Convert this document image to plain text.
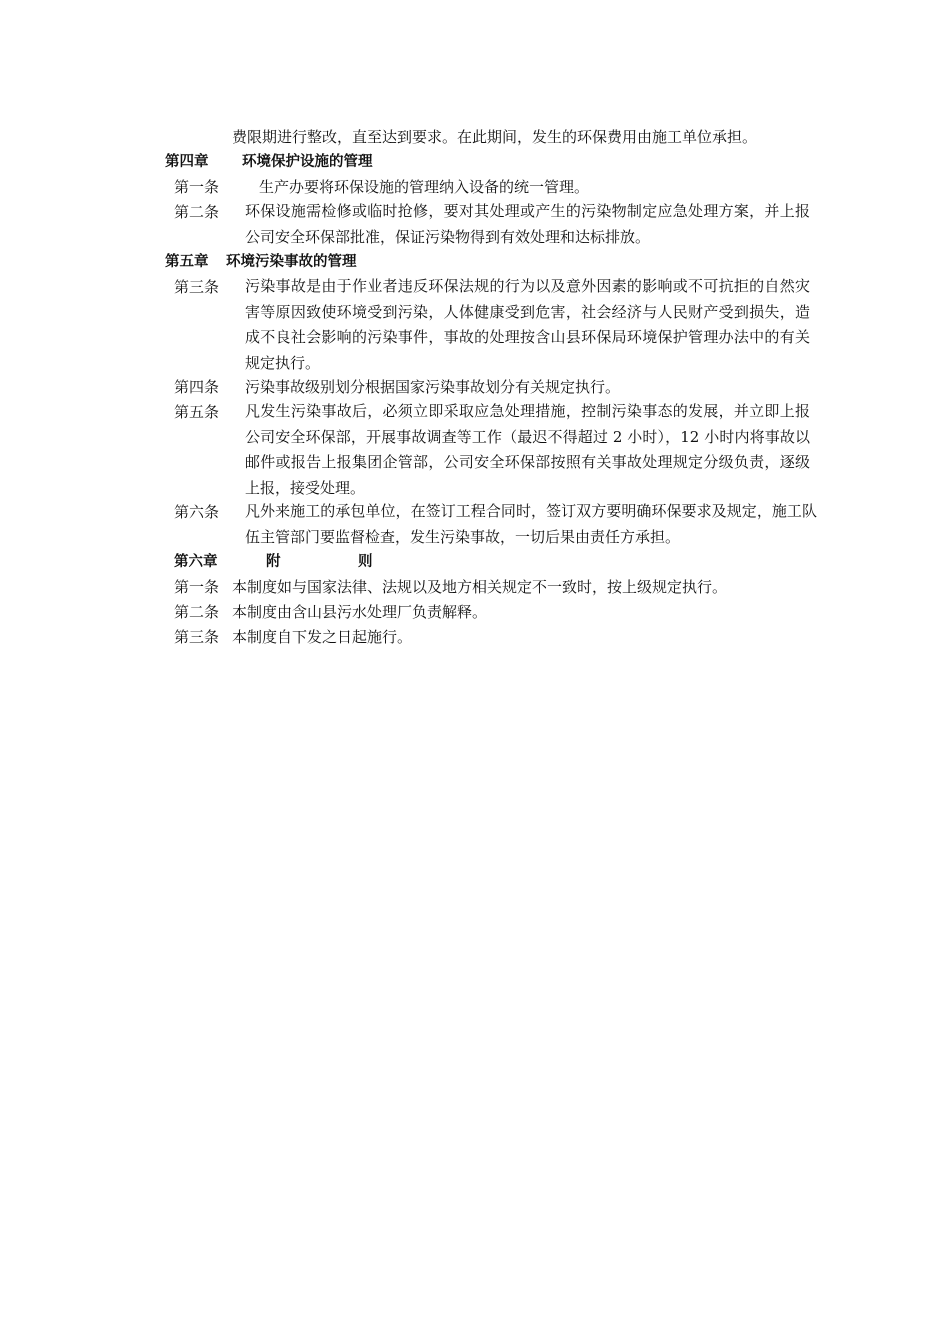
费限期进行整改，直至达到要求。在此期间，发生的环保费用由施工单位承担。
第四章 环境保护设施的管理
第一条	生产办要将环保设施的管理纳入设备的统一管理。
第二条 环保设施需检修或临时抢修，要对其处理或产生的污染物制定应急处理方案，并上报公司安全环保部批准，保证污染物得到有效处理和达标排放。
第五章 环境污染事故的管理
第三条 污染事故是由于作业者违反环保法规的行为以及意外因素的影响或不可抗拒的自然灾害等原因致使环境受到污染，人体健康受到危害，社会经济与人民财产受到损失，造成不良社会影响的污染事件，事故的处理按含山县环保局环境保护管理办法中的有关规定执行。
第四条 污染事故级别划分根据国家污染事故划分有关规定执行。
第五条 凡发生污染事故后，必须立即采取应急处理措施，控制污染事态的发展，并立即上报公司安全环保部，开展事故调查等工作（最迟不得超过 2 小时），12 小时内将事故以邮件或报告上报集团企管部，公司安全环保部按照有关事故处理规定分级负责，逐级上报，接受处理。
第六条 凡外来施工的承包单位，在签订工程合同时，签订双方要明确环保要求及规定，施工队伍主管部门要监督检查，发生污染事故，一切后果由责任方承担。
第六章	附	则
第一条 本制度如与国家法律、法规以及地方相关规定不一致时，按上级规定执行。
第二条 本制度由含山县污水处理厂负责解释。
第三条 本制度自下发之日起施行。
